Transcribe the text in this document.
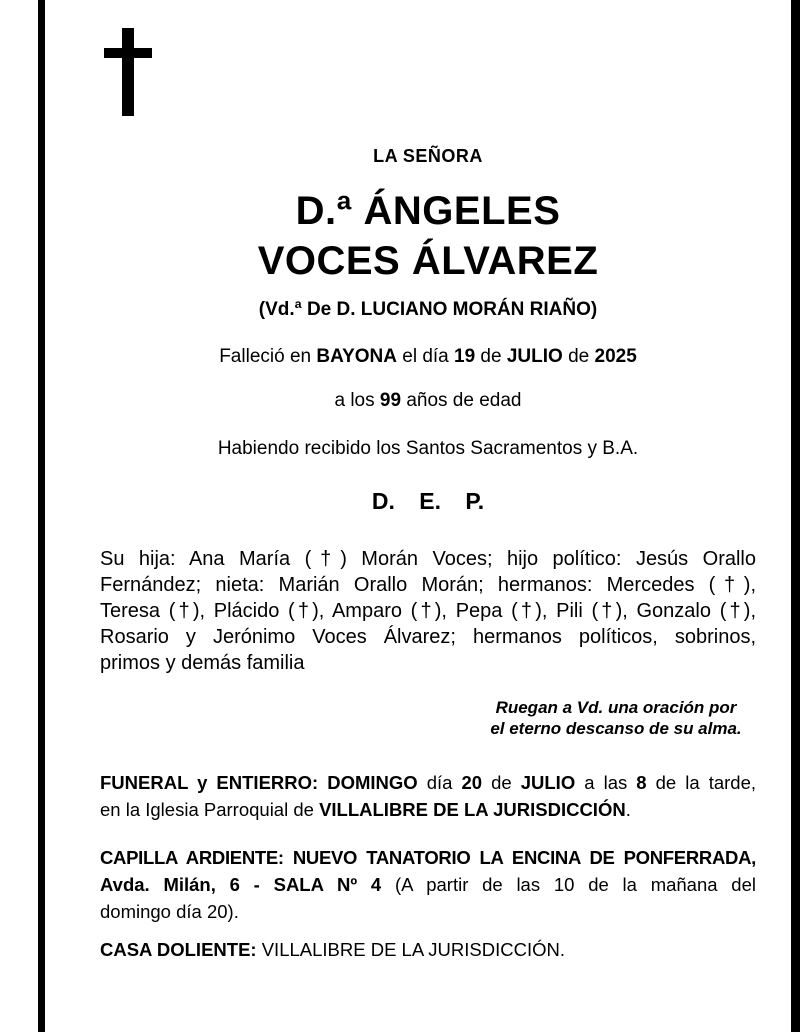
LA SEÑORA
D.ª ÁNGELES
VOCES ÁLVAREZ
(Vd.ª De D. LUCIANO MORÁN RIAÑO)
Falleció en BAYONA el día 19 de JULIO de 2025
a los 99 años de edad
Habiendo recibido los Santos Sacramentos y B.A.
D. E. P.
Su hija: Ana María (†) Morán Voces; hijo político: Jesús Orallo
Fernández; nieta: Marián Orallo Morán; hermanos: Mercedes (†),
Teresa (†), Plácido (†), Amparo (†), Pepa (†), Pili (†), Gonzalo (†),
Rosario y Jerónimo Voces Álvarez; hermanos políticos, sobrinos,
primos y demás familia
Ruegan a Vd. una oración por
el eterno descanso de su alma.
FUNERAL y ENTIERRO: DOMINGO día 20 de JULIO a las 8 de la tarde,
en la Iglesia Parroquial de VILLALIBRE DE LA JURISDICCIÓN.
CAPILLA ARDIENTE: NUEVO TANATORIO LA ENCINA DE PONFERRADA,
Avda. Milán, 6 - SALA Nº 4 (A partir de las 10 de la mañana del
domingo día 20).
CASA DOLIENTE: VILLALIBRE DE LA JURISDICCIÓN.
